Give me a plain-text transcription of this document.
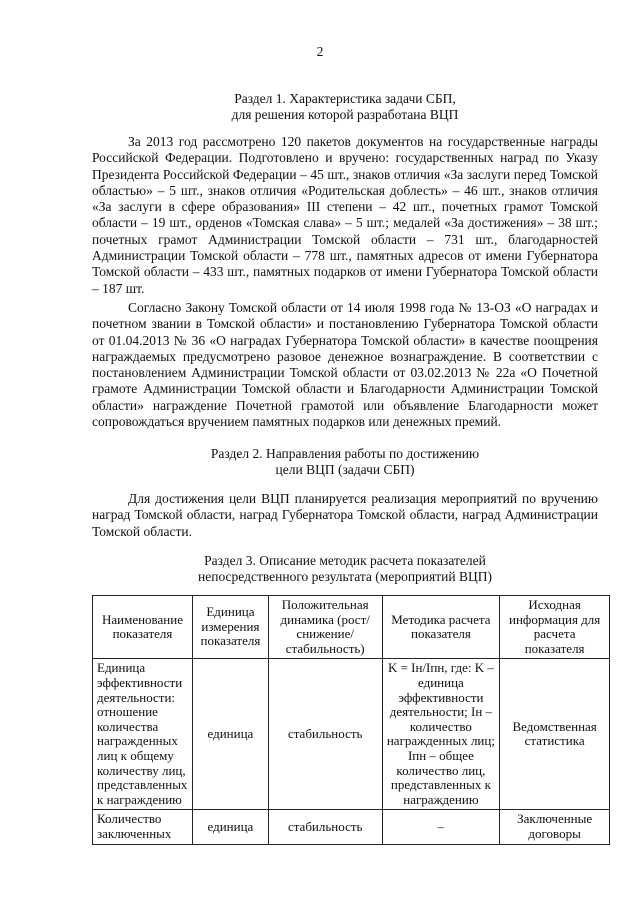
2
Раздел 1. Характеристика задачи СБП,
для решения которой разработана ВЦП

За 2013 год рассмотрено 120 пакетов документов на государственные награды Российской Федерации. Подготовлено и вручено: государственных наград по Указу Президента Российской Федерации – 45 шт., знаков отличия «За заслуги перед Томской областью» – 5 шт., знаков отличия «Родительская доблесть» – 46 шт., знаков отличия «За заслуги в сфере образования» III степени – 42 шт., почетных грамот Томской области – 19 шт., орденов «Томская слава» – 5 шт.; медалей «За достижения» – 38 шт.; почетных грамот Администрации Томской области – 731 шт., благодарностей Администрации Томской области – 778 шт., памятных адресов от имени Губернатора Томской области – 433 шт., памятных подарков от имени Губернатора Томской области – 187 шт.

Согласно Закону Томской области от 14 июля 1998 года № 13-ОЗ «О наградах и почетном звании в Томской области» и постановлению Губернатора Томской области от 01.04.2013 № 36 «О наградах Губернатора Томской области» в качестве поощрения награждаемых предусмотрено разовое денежное вознаграждение. В соответствии с постановлением Администрации Томской области от 03.02.2013 № 22а «О Почетной грамоте Администрации Томской области и Благодарности Администрации Томской области» награждение Почетной грамотой или объявление Благодарности может сопровождаться вручением памятных подарков или денежных премий.

Раздел 2. Направления работы по достижению
цели ВЦП (задачи СБП)

Для достижения цели ВЦП планируется реализация мероприятий по вручению наград Томской области, наград Губернатора Томской области, наград Администрации Томской области.

Раздел 3. Описание методик расчета показателей
непосредственного результата (мероприятий ВЦП)
Наименование показателя	Единица измерения показателя	Положительная динамика (рост/снижение/ стабильность)	Методика расчета показателя	Исходная информация для расчета показателя
Единица эффективности деятельности: отношение количества награжденных лиц к общему количеству лиц, представленных к награждению	единица	стабильность	K = Iн/Iпн, где: K – единица эффективности деятельности; Iн – количество награжденных лиц; Iпн – общее количество лиц, представленных к награждению	Ведомственная статистика
Количество заключенных	единица	стабильность	–	Заключенные договоры
